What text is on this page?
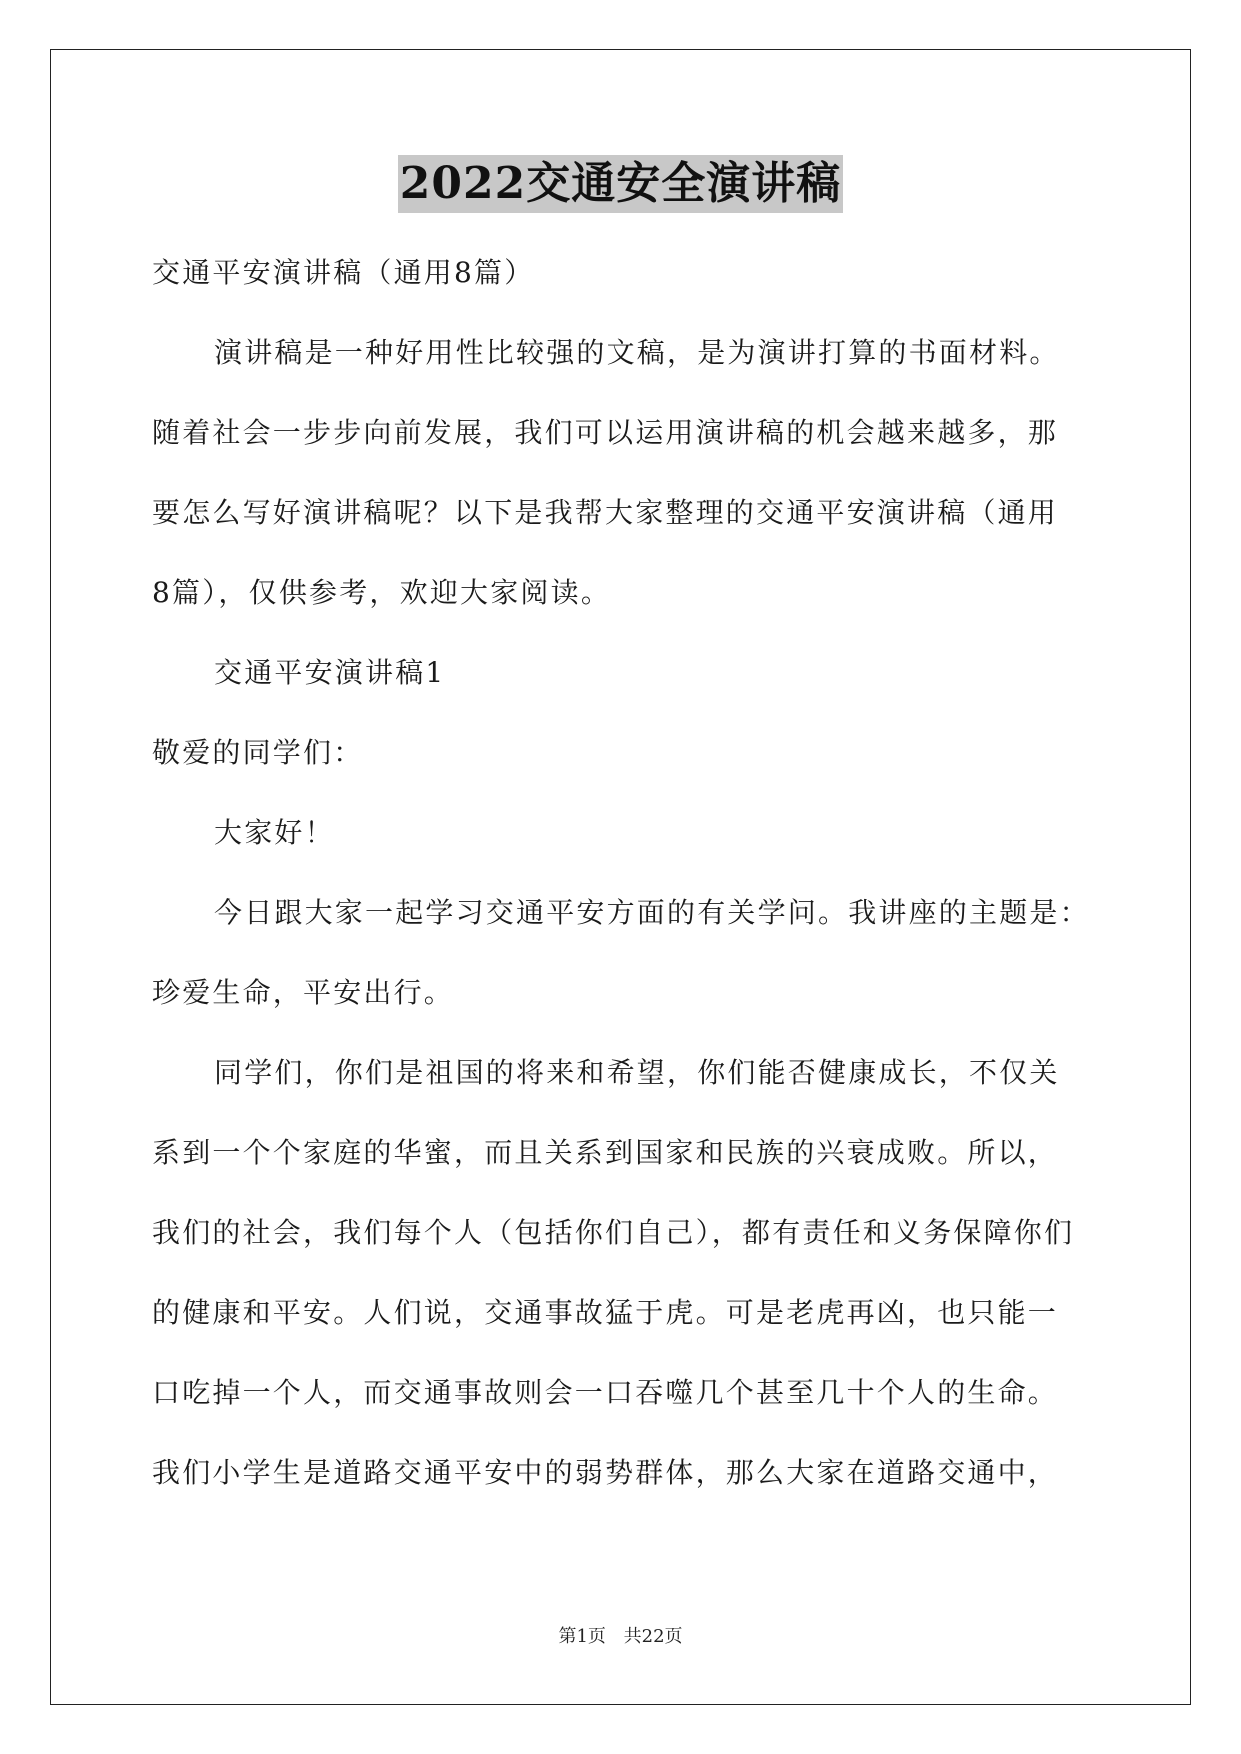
2022交通安全演讲稿
交通平安演讲稿（通用8篇）
演讲稿是一种好用性比较强的文稿，是为演讲打算的书面材料。
随着社会一步步向前发展，我们可以运用演讲稿的机会越来越多，那
要怎么写好演讲稿呢？以下是我帮大家整理的交通平安演讲稿（通用
8篇），仅供参考，欢迎大家阅读。
交通平安演讲稿1
敬爱的同学们：
大家好！
今日跟大家一起学习交通平安方面的有关学问。我讲座的主题是：
珍爱生命，平安出行。
同学们，你们是祖国的将来和希望，你们能否健康成长，不仅关
系到一个个家庭的华蜜，而且关系到国家和民族的兴衰成败。所以，
我们的社会，我们每个人（包括你们自己），都有责任和义务保障你们
的健康和平安。人们说，交通事故猛于虎。可是老虎再凶，也只能一
口吃掉一个人，而交通事故则会一口吞噬几个甚至几十个人的生命。
我们小学生是道路交通平安中的弱势群体，那么大家在道路交通中，
第1页 共22页
